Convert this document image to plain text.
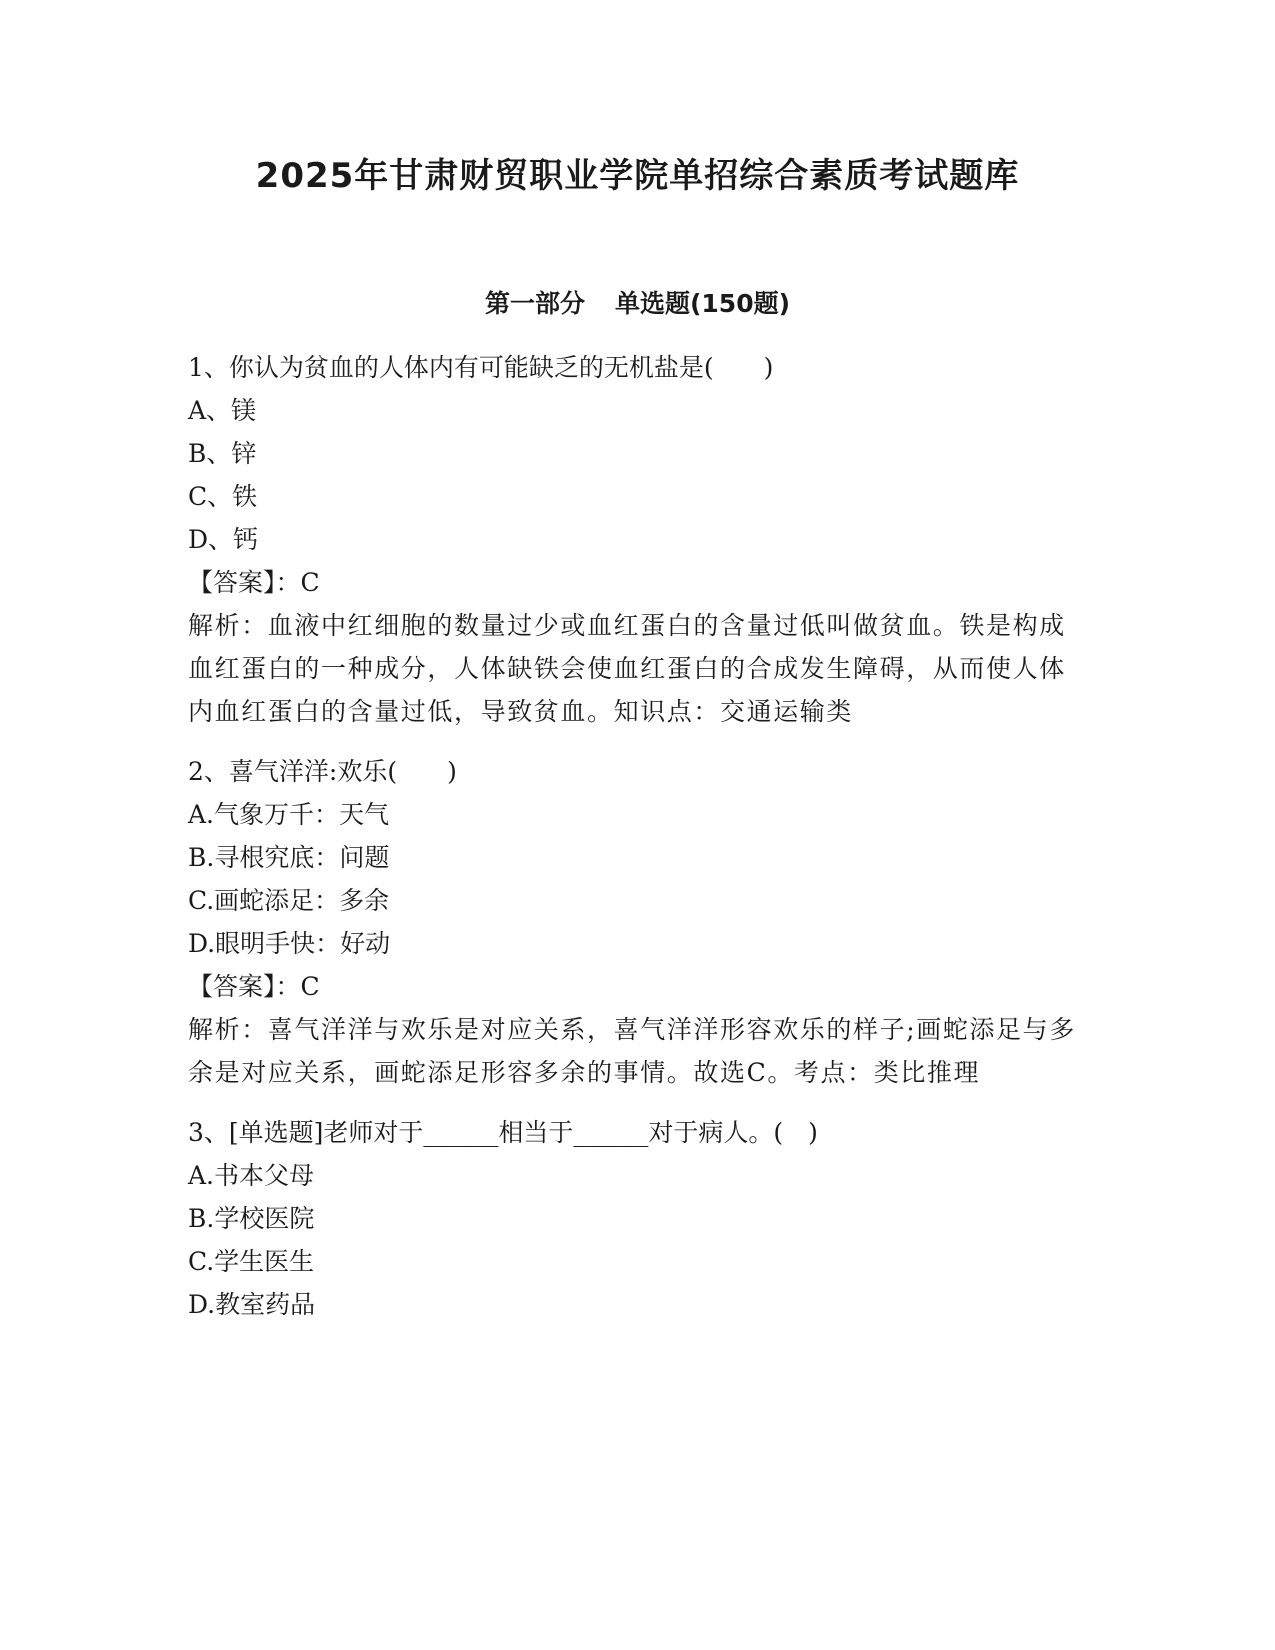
2025年甘肃财贸职业学院单招综合素质考试题库
第一部分 单选题(150题)
1、你认为贫血的人体内有可能缺乏的无机盐是(　　)
A、镁
B、锌
C、铁
D、钙
【答案】：C
解析：血液中红细胞的数量过少或血红蛋白的含量过低叫做贫血。铁是构成血红蛋白的一种成分，人体缺铁会使血红蛋白的合成发生障碍，从而使人体内血红蛋白的含量过低，导致贫血。知识点：交通运输类
2、喜气洋洋:欢乐(　　)
A.气象万千：天气
B.寻根究底：问题
C.画蛇添足：多余
D.眼明手快：好动
【答案】：C
解析：喜气洋洋与欢乐是对应关系，喜气洋洋形容欢乐的样子;画蛇添足与多余是对应关系，画蛇添足形容多余的事情。故选C。考点：类比推理
3、[单选题]老师对于______相当于______对于病人。(　)
A.书本父母
B.学校医院
C.学生医生
D.教室药品
